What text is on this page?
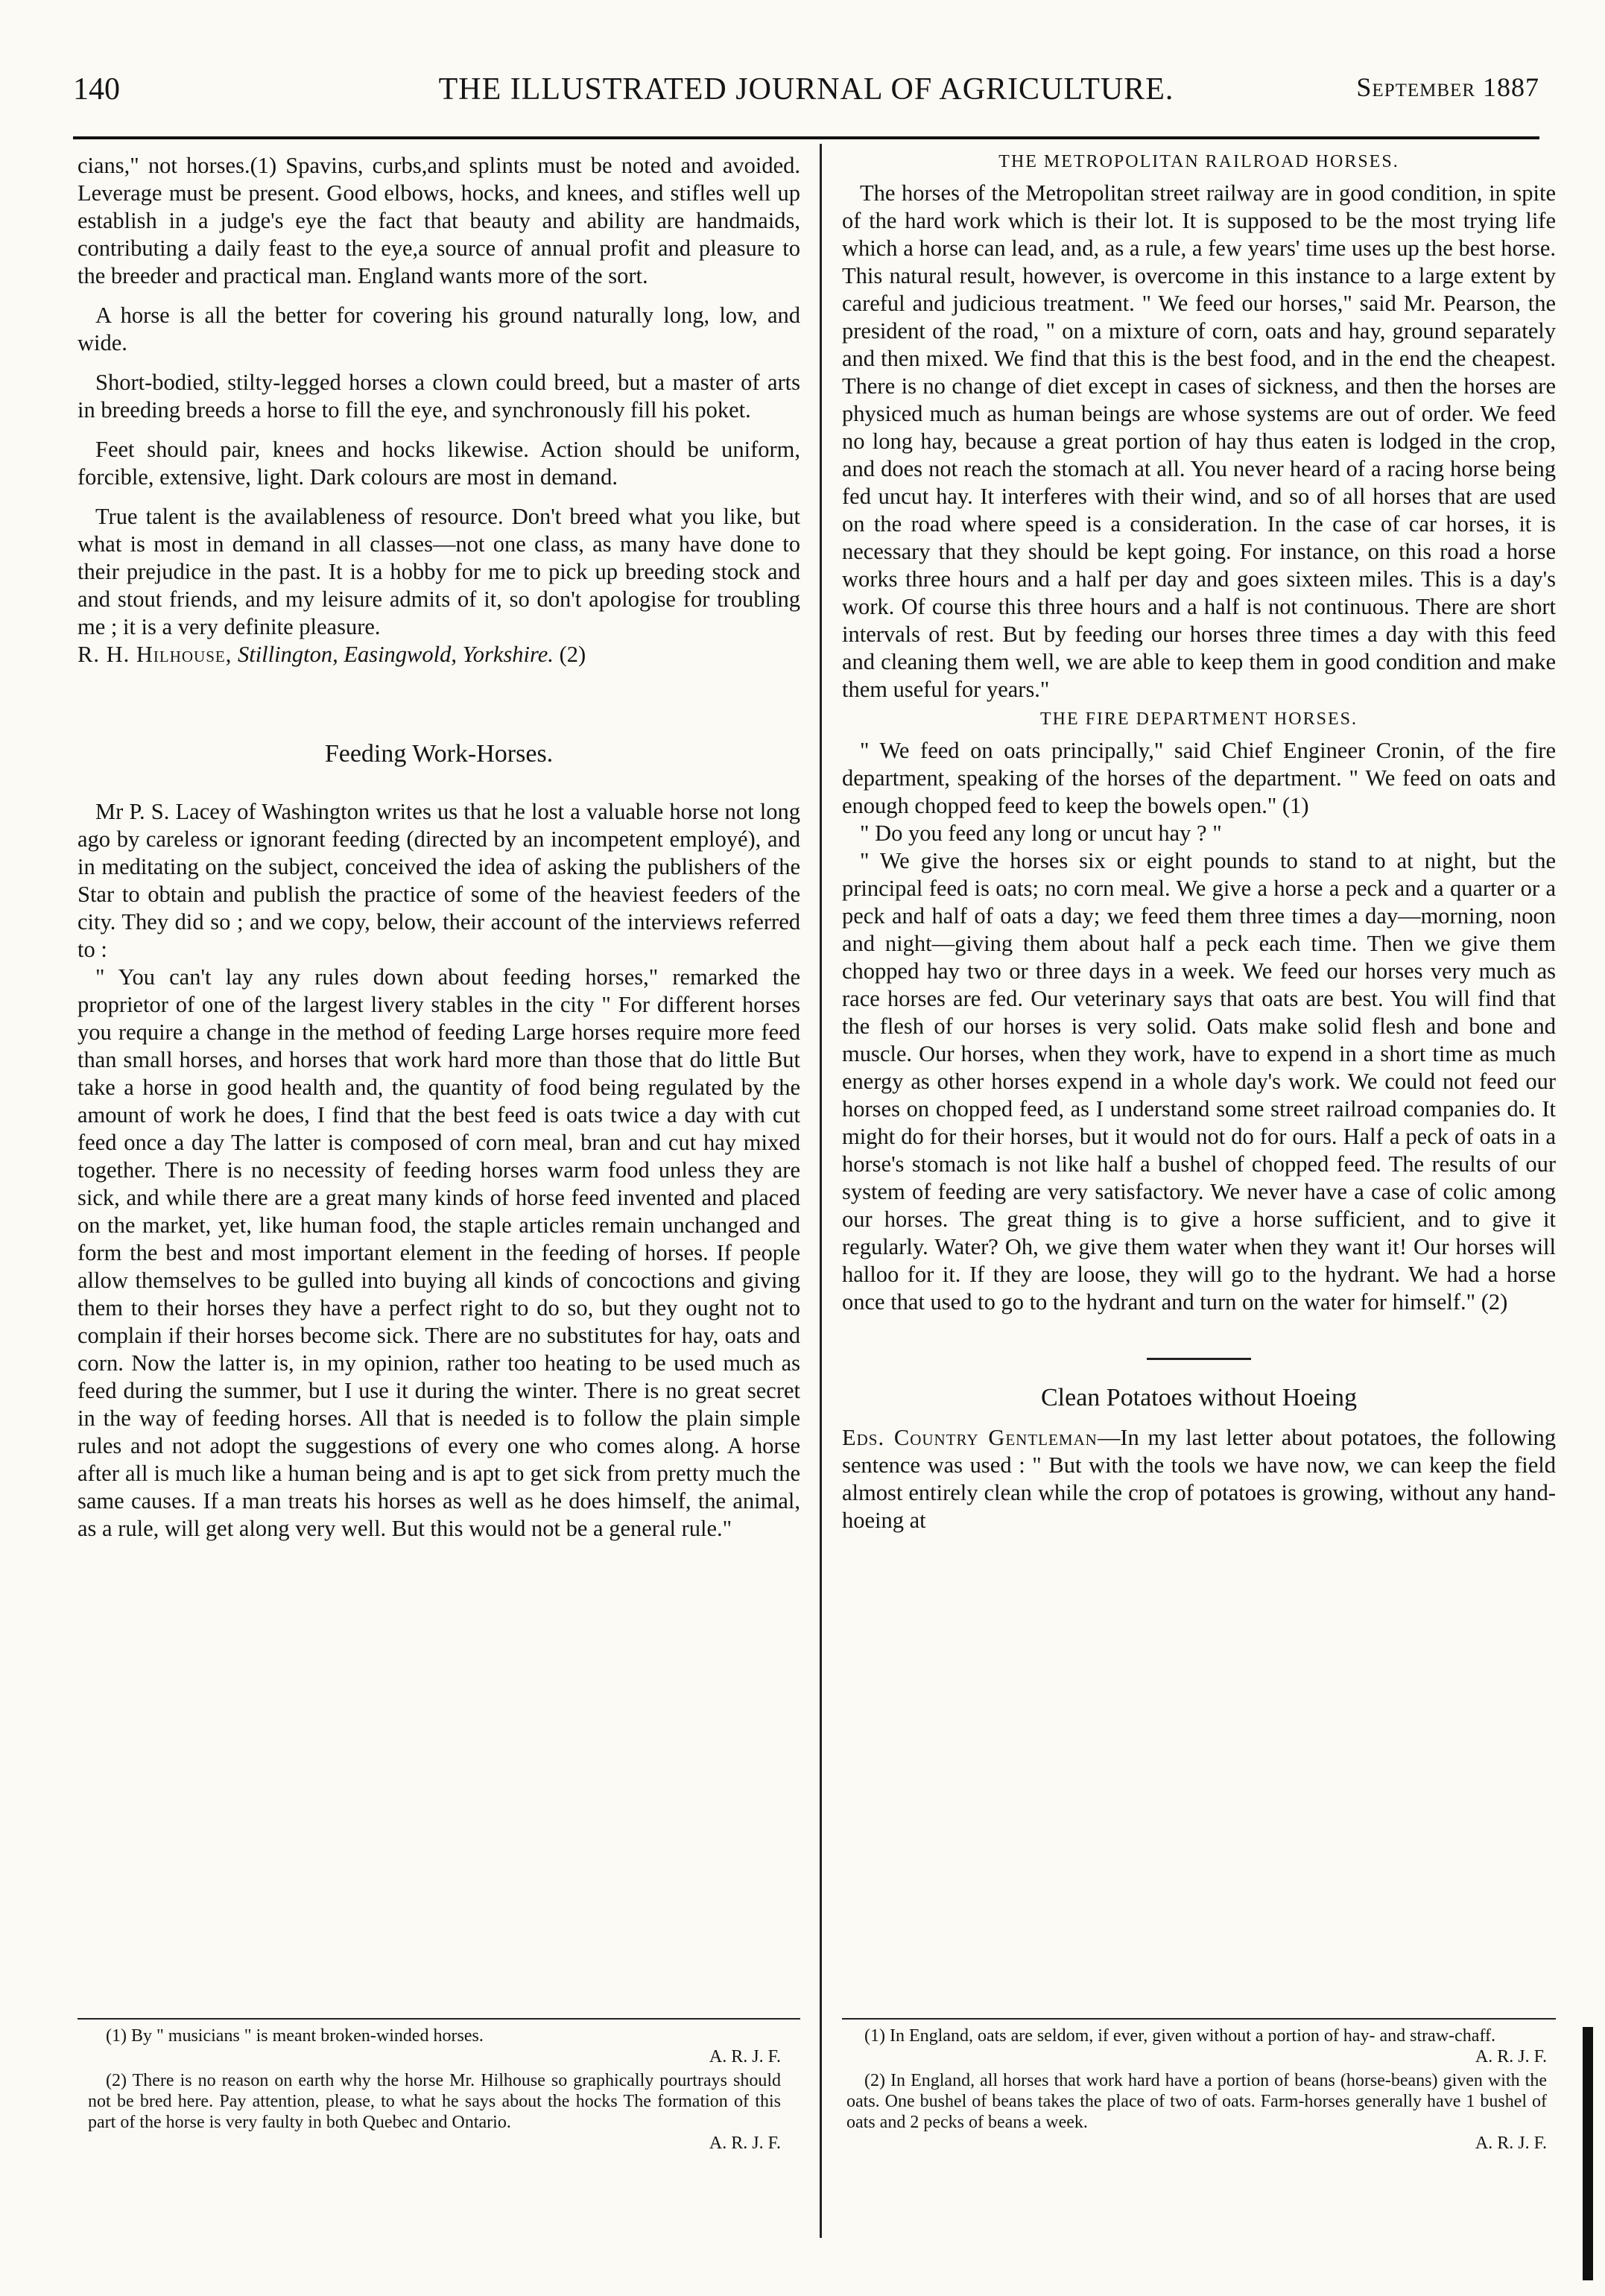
140	THE ILLUSTRATED JOURNAL OF AGRICULTURE.	September 1887

cians," not horses.(1) Spavins, curbs,and splints must be noted and avoided. Leverage must be present. Good elbows, hocks, and knees, and stifles well up establish in a judge's eye the fact that beauty and ability are handmaids, contributing a daily feast to the eye,a source of annual profit and pleasure to the breeder and practical man. England wants more of the sort.

A horse is all the better for covering his ground naturally long, low, and wide.

Short-bodied, stilty-legged horses a clown could breed, but a master of arts in breeding breeds a horse to fill the eye, and synchronously fill his poket.

Feet should pair, knees and hocks likewise. Action should be uniform, forcible, extensive, light. Dark colours are most in demand.

True talent is the availableness of resource. Don't breed what you like, but what is most in demand in all classes—not one class, as many have done to their prejudice in the past. It is a hobby for me to pick up breeding stock and and stout friends, and my leisure admits of it, so don't apologise for troubling me ; it is a very definite pleasure.

R. H. Hilhouse, Stillington, Easingwold, Yorkshire. (2)
Feeding Work-Horses.

Mr P. S. Lacey of Washington writes us that he lost a valuable horse not long ago by careless or ignorant feeding (directed by an incompetent employé), and in meditating on the subject, conceived the idea of asking the publishers of the Star to obtain and publish the practice of some of the heaviest feeders of the city. They did so ; and we copy, below, their account of the interviews referred to :

" You can't lay any rules down about feeding horses," remarked the proprietor of one of the largest livery stables in the city " For different horses you require a change in the method of feeding Large horses require more feed than small horses, and horses that work hard more than those that do little But take a horse in good health and, the quantity of food being regulated by the amount of work he does, I find that the best feed is oats twice a day with cut feed once a day The latter is composed of corn meal, bran and cut hay mixed together. There is no necessity of feeding horses warm food unless they are sick, and while there are a great many kinds of horse feed invented and placed on the market, yet, like human food, the staple articles remain unchanged and form the best and most important element in the feeding of horses. If people allow themselves to be gulled into buying all kinds of concoctions and giving them to their horses they have a perfect right to do so, but they ought not to complain if their horses become sick. There are no substitutes for hay, oats and corn. Now the latter is, in my opinion, rather too heating to be used much as feed during the summer, but I use it during the winter. There is no great secret in the way of feeding horses. All that is needed is to follow the plain simple rules and not adopt the suggestions of every one who comes along. A horse after all is much like a human being and is apt to get sick from pretty much the same causes. If a man treats his horses as well as he does himself, the animal, as a rule, will get along very well. But this would not be a general rule."

(1) By " musicians " is meant broken-winded horses.

A. R. J. F.

(2) There is no reason on earth why the horse Mr. Hilhouse so graphically pourtrays should not be bred here. Pay attention, please, to what he says about the hocks The formation of this part of the horse is very faulty in both Quebec and Ontario.

A. R. J. F.

THE METROPOLITAN RAILROAD HORSES.

The horses of the Metropolitan street railway are in good condition, in spite of the hard work which is their lot. It is supposed to be the most trying life which a horse can lead, and, as a rule, a few years' time uses up the best horse. This natural result, however, is overcome in this instance to a large extent by careful and judicious treatment. " We feed our horses," said Mr. Pearson, the president of the road, " on a mixture of corn, oats and hay, ground separately and then mixed. We find that this is the best food, and in the end the cheapest. There is no change of diet except in cases of sickness, and then the horses are physiced much as human beings are whose systems are out of order. We feed no long hay, because a great portion of hay thus eaten is lodged in the crop, and does not reach the stomach at all. You never heard of a racing horse being fed uncut hay. It interferes with their wind, and so of all horses that are used on the road where speed is a consideration. In the case of car horses, it is necessary that they should be kept going. For instance, on this road a horse works three hours and a half per day and goes sixteen miles. This is a day's work. Of course this three hours and a half is not continuous. There are short intervals of rest. But by feeding our horses three times a day with this feed and cleaning them well, we are able to keep them in good condition and make them useful for years."

THE FIRE DEPARTMENT HORSES.

" We feed on oats principally," said Chief Engineer Cronin, of the fire department, speaking of the horses of the department. " We feed on oats and enough chopped feed to keep the bowels open." (1)

" Do you feed any long or uncut hay ? "

" We give the horses six or eight pounds to stand to at night, but the principal feed is oats; no corn meal. We give a horse a peck and a quarter or a peck and half of oats a day; we feed them three times a day—morning, noon and night—giving them about half a peck each time. Then we give them chopped hay two or three days in a week. We feed our horses very much as race horses are fed. Our veterinary says that oats are best. You will find that the flesh of our horses is very solid. Oats make solid flesh and bone and muscle. Our horses, when they work, have to expend in a short time as much energy as other horses expend in a whole day's work. We could not feed our horses on chopped feed, as I understand some street railroad companies do. It might do for their horses, but it would not do for ours. Half a peck of oats in a horse's stomach is not like half a bushel of chopped feed. The results of our system of feeding are very satisfactory. We never have a case of colic among our horses. The great thing is to give a horse sufficient, and to give it regularly. Water? Oh, we give them water when they want it! Our horses will halloo for it. If they are loose, they will go to the hydrant. We had a horse once that used to go to the hydrant and turn on the water for himself." (2)

Clean Potatoes without Hoeing

Eds. Country Gentleman—In my last letter about potatoes, the following sentence was used : " But with the tools we have now, we can keep the field almost entirely clean while the crop of potatoes is growing, without any hand-hoeing at

(1) In England, oats are seldom, if ever, given without a portion of hay- and straw-chaff.

A. R. J. F.

(2) In England, all horses that work hard have a portion of beans (horse-beans) given with the oats. One bushel of beans takes the place of two of oats. Farm-horses generally have 1 bushel of oats and 2 pecks of beans a week.

A. R. J. F.
